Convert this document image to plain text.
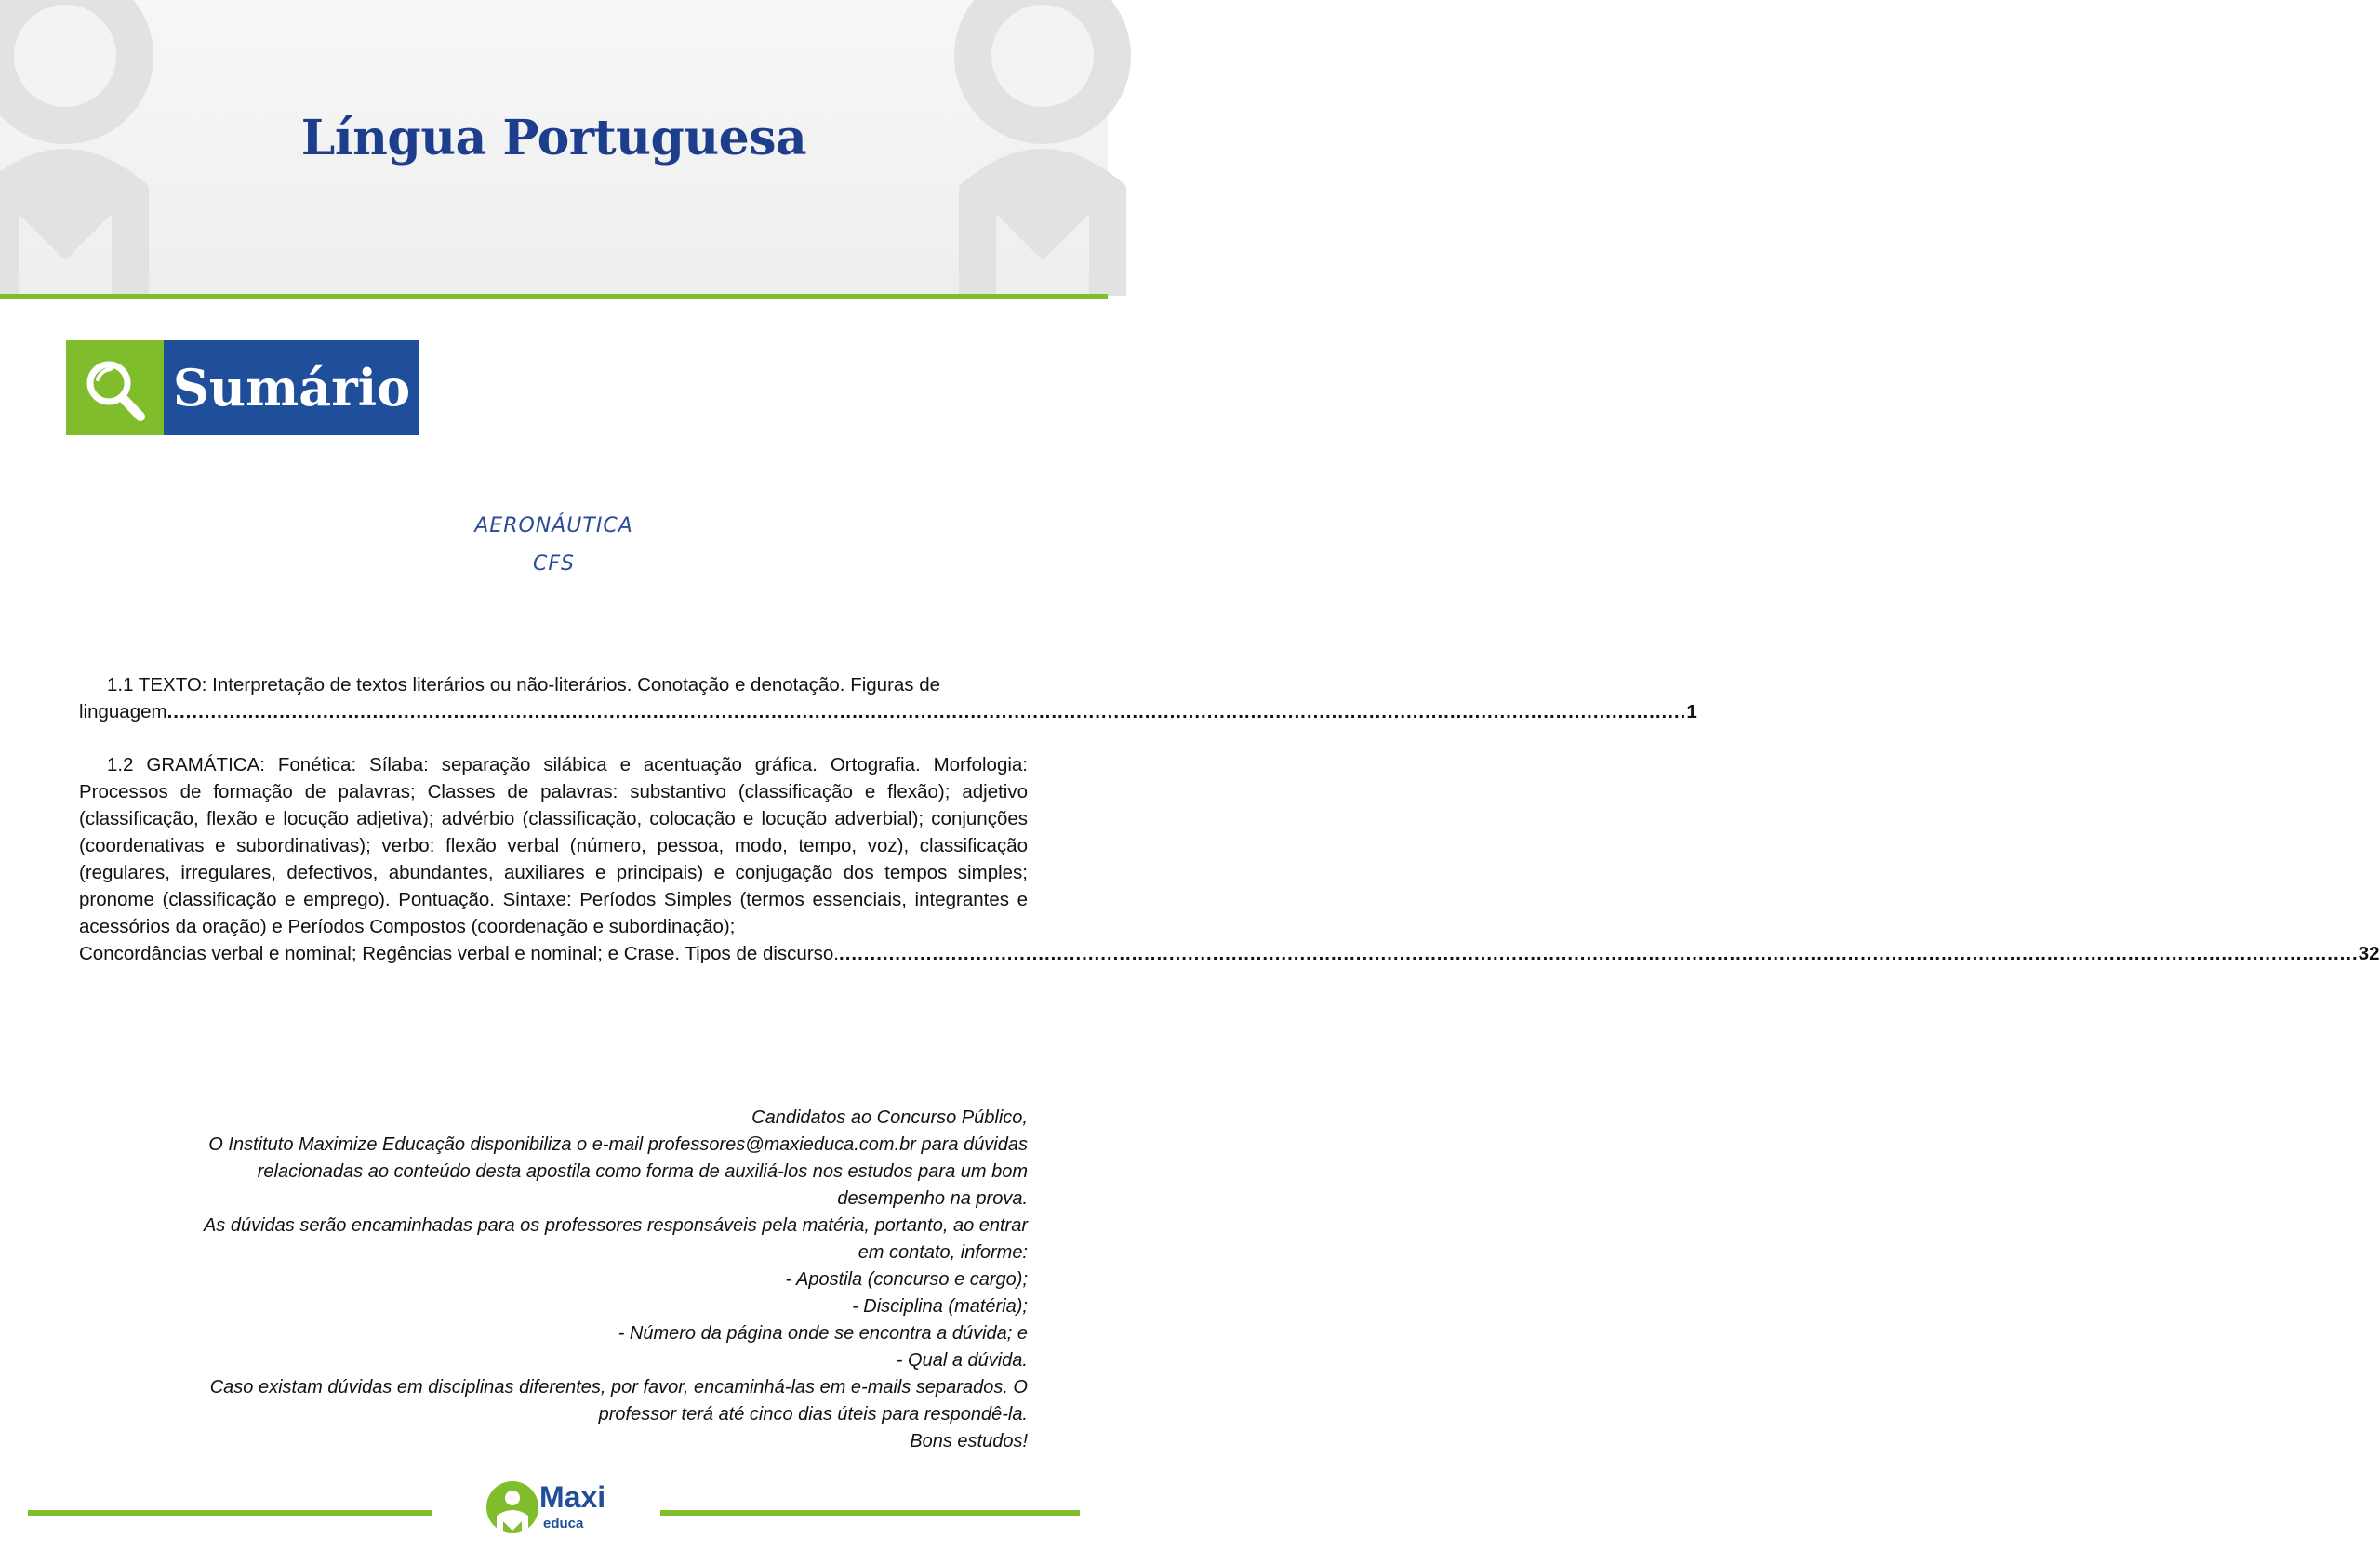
Língua Portuguesa
Sumário
AERONÁUTICA
CFS

1.1 TEXTO: Interpretação de textos literários ou não-literários. Conotação e denotação. Figuras de

linguagem .................................................................................................................................................................................................................................................... 1

1.2 GRAMÁTICA: Fonética: Sílaba: separação silábica e acentuação gráfica. Ortografia. Morfologia: Processos de formação de palavras; Classes de palavras: substantivo (classificação e flexão); adjetivo (classificação, flexão e locução adjetiva); advérbio (classificação, colocação e locução adverbial); conjunções (coordenativas e subordinativas); verbo: flexão verbal (número, pessoa, modo, tempo, voz), classificação (regulares, irregulares, defectivos, abundantes, auxiliares e principais) e conjugação dos tempos simples; pronome (classificação e emprego). Pontuação. Sintaxe: Períodos Simples (termos essenciais, integrantes e acessórios da oração) e Períodos Compostos (coordenação e subordinação);

Concordâncias verbal e nominal; Regências verbal e nominal; e Crase. Tipos de discurso. .................................................................................................................................................................................................................................................... 32
Candidatos ao Concurso Público,
O Instituto Maximize Educação disponibiliza o e-mail professores@maxieduca.com.br para dúvidas
relacionadas ao conteúdo desta apostila como forma de auxiliá-los nos estudos para um bom
desempenho na prova.
As dúvidas serão encaminhadas para os professores responsáveis pela matéria, portanto, ao entrar
em contato, informe:
- Apostila (concurso e cargo);
- Disciplina (matéria);
- Número da página onde se encontra a dúvida; e
- Qual a dúvida.
Caso existam dúvidas em disciplinas diferentes, por favor, encaminhá-las em e-mails separados. O
professor terá até cinco dias úteis para respondê-la.
Bons estudos!
Maxi
educa
